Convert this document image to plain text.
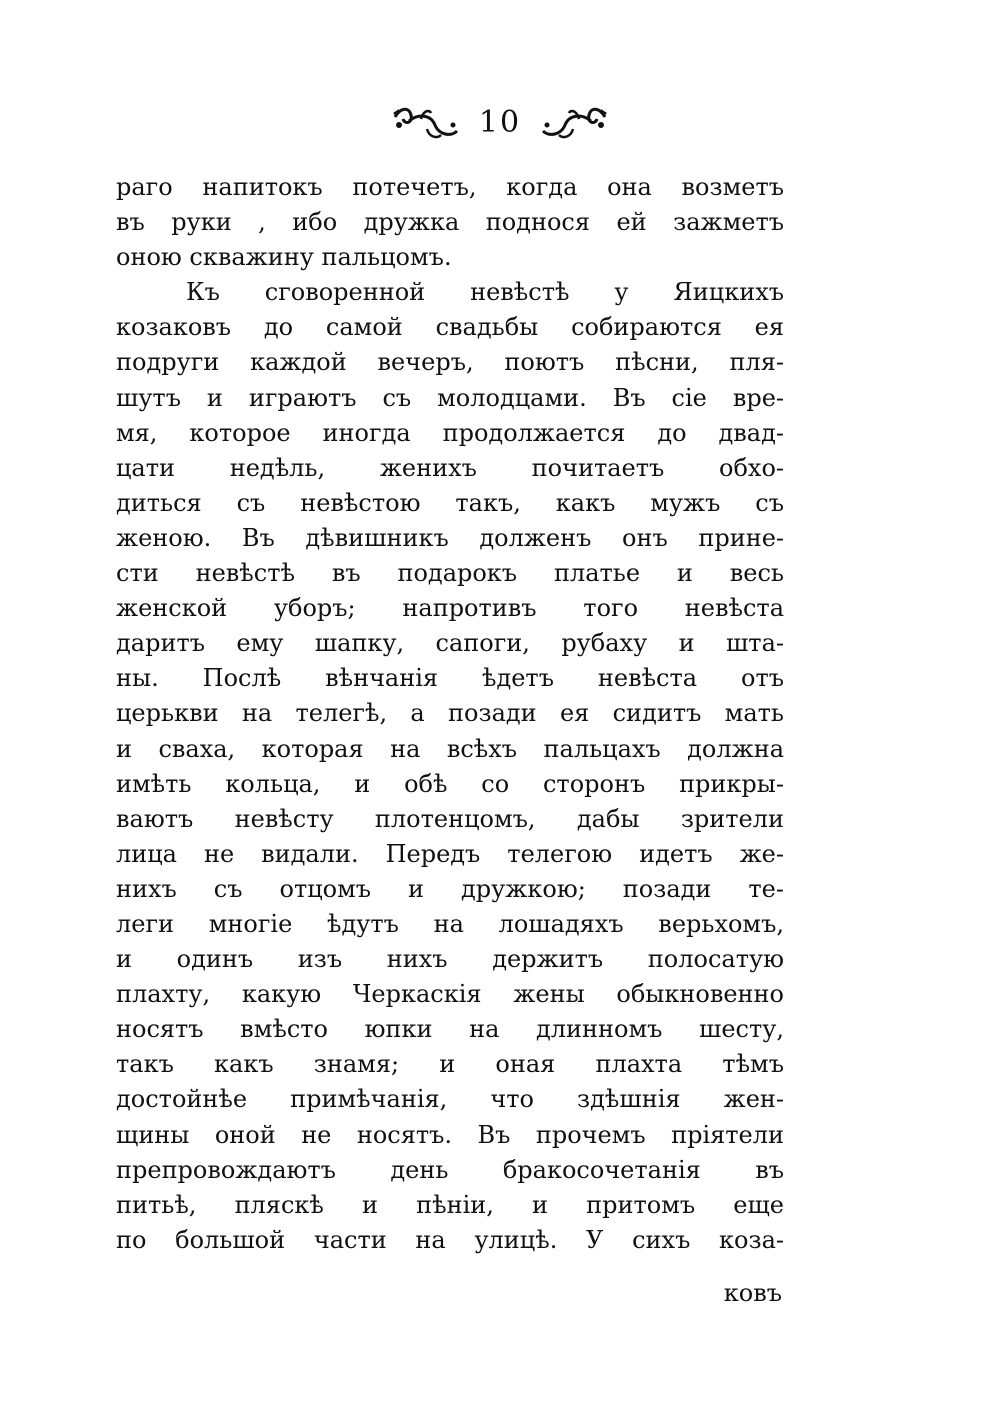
10
раго напитокъ потечетъ, когда она возметъ
въ руки , ибо дружка поднося ей зажметъ
оною скважину пальцомъ.
Къ сговоренной невѣстѣ у Яицкихъ
козаковъ до самой свадьбы собираются ея
подруги каждой вечеръ, поютъ пѣсни, пля-
шутъ и играютъ съ молодцами. Въ сiе вре-
мя, которое иногда продолжается до двад-
цати недѣль, женихъ почитаетъ обхо-
диться съ невѣстою такъ, какъ мужъ съ
женою. Въ дѣвишникъ долженъ онъ прине-
сти невѣстѣ въ подарокъ платье и весь
женской уборъ; напротивъ того невѣста
даритъ ему шапку, сапоги, рубаху и шта-
ны. Послѣ вѣнчанiя ѣдетъ невѣста отъ
церькви на телегѣ, а позади ея сидитъ мать
и сваха, которая на всѣхъ пальцахъ должна
имѣть кольца, и обѣ со сторонъ прикры-
ваютъ невѣсту плотенцомъ, дабы зрители
лица не видали. Передъ телегою идетъ же-
нихъ съ отцомъ и дружкою; позади те-
леги многiе ѣдутъ на лошадяхъ верьхомъ,
и одинъ изъ нихъ держитъ полосатую
плахту, какую Черкаскiя жены обыкновенно
носятъ вмѣсто юпки на длинномъ шесту,
такъ какъ знамя; и оная плахта тѣмъ
достойнѣе примѣчанiя, что здѣшнiя жен-
щины оной не носятъ. Въ прочемъ прiятели
препровождаютъ день бракосочетанiя въ
питьѣ, пляскѣ и пѣнiи, и притомъ еще
по большой части на улицѣ. У сихъ коза-
ковъ
